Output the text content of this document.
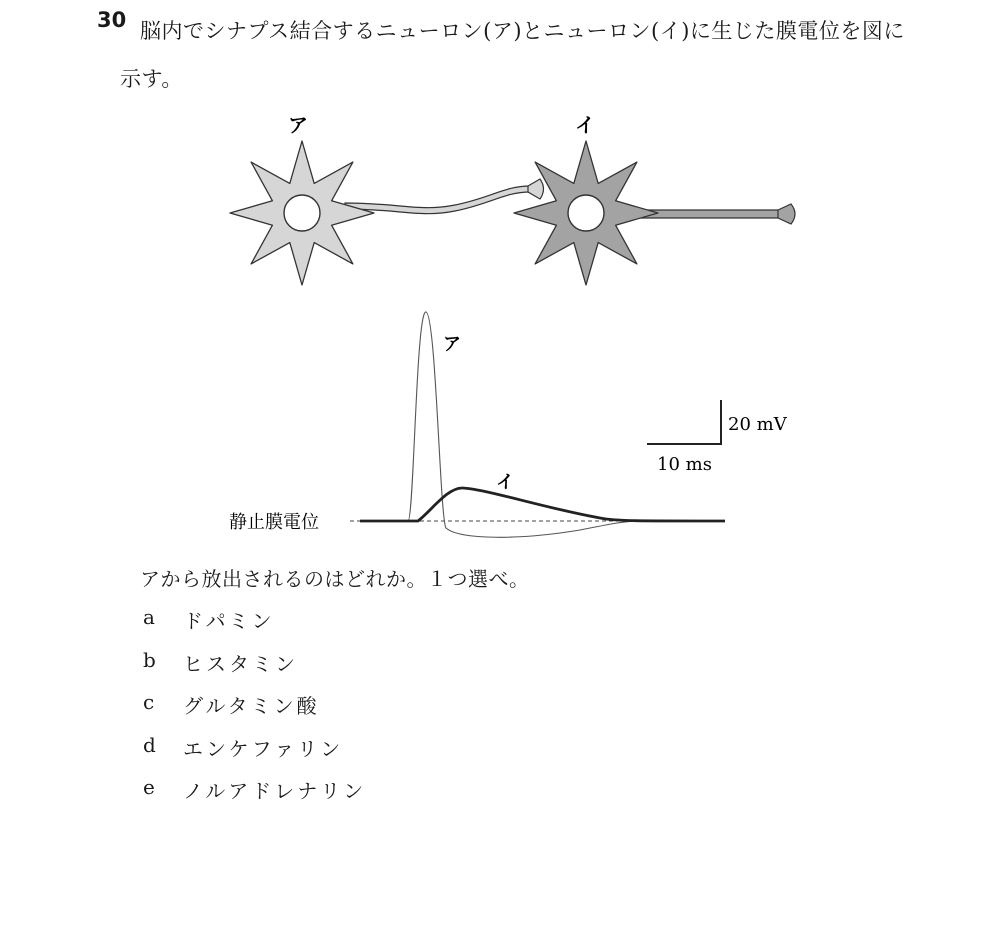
30 脳内でシナプス結合するニューロン(ア)とニューロン(イ)に生じた膜電位を図に
示す。
ア	イ
ア
イ
静止膜電位
20 mV
10 ms
アから放出されるのはどれか。１つ選べ。
a	ドパミン
b	ヒスタミン
c	グルタミン酸
d	エンケファリン
e	ノルアドレナリン
